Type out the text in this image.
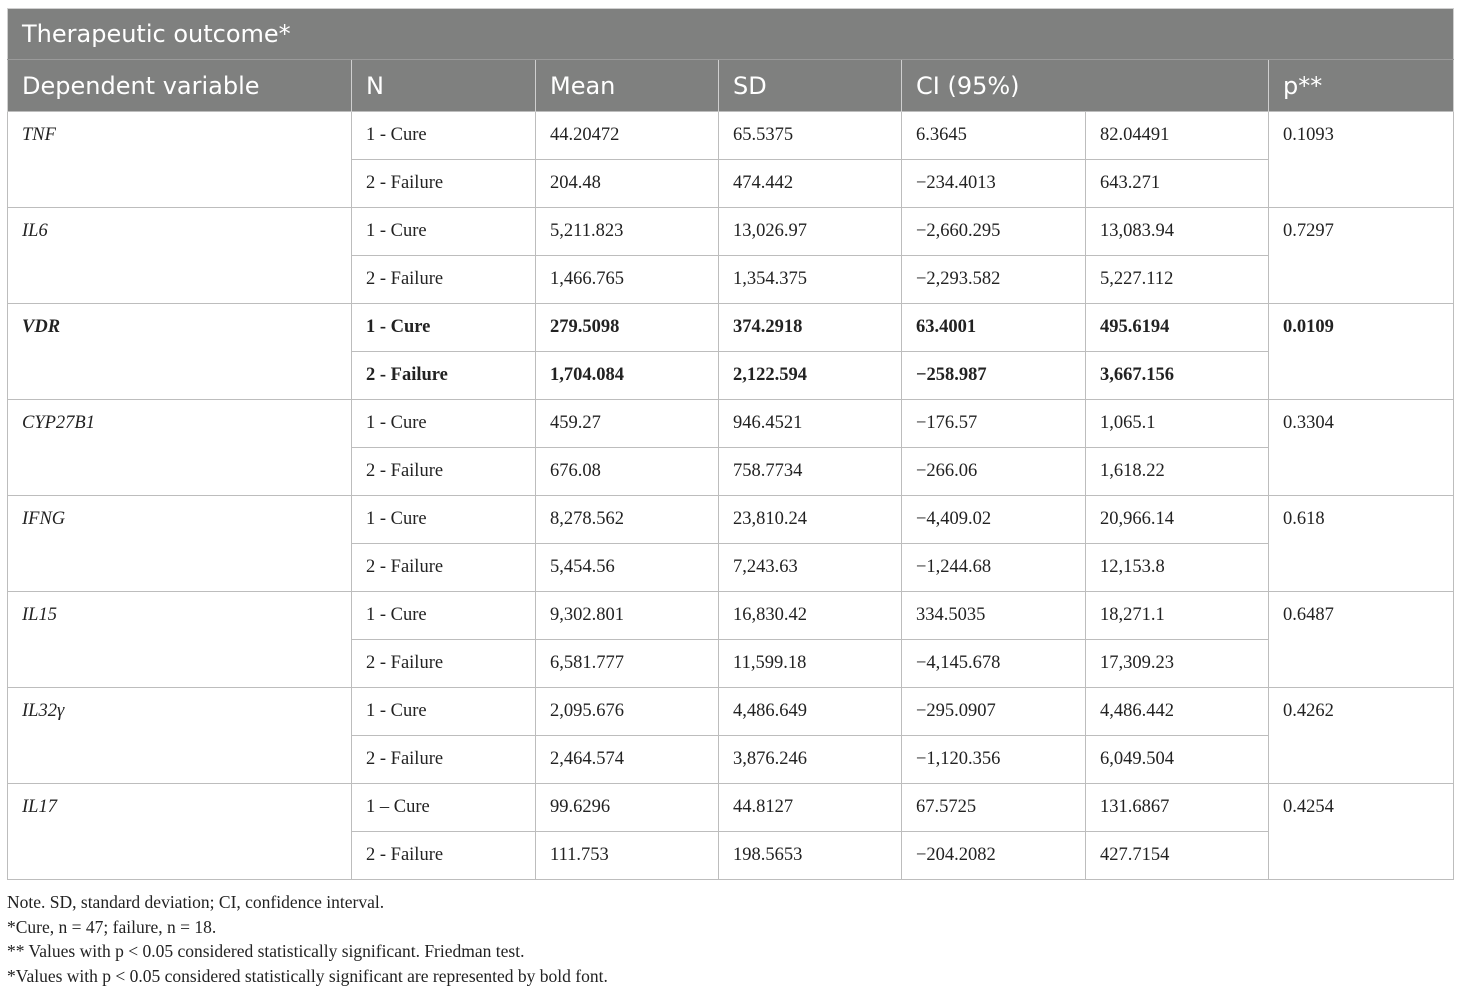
Therapeutic outcome*						
Dependent variable	N	Mean	SD	CI (95%)		p**
TNF	1 - Cure	44.20472	65.5375	6.3645	82.04491	0.1093
	2 - Failure	204.48	474.442	−234.4013	643.271	
IL6	1 - Cure	5,211.823	13,026.97	−2,660.295	13,083.94	0.7297
	2 - Failure	1,466.765	1,354.375	−2,293.582	5,227.112	
VDR	1 - Cure	279.5098	374.2918	63.4001	495.6194	0.0109
	2 - Failure	1,704.084	2,122.594	−258.987	3,667.156	
CYP27B1	1 - Cure	459.27	946.4521	−176.57	1,065.1	0.3304
	2 - Failure	676.08	758.7734	−266.06	1,618.22	
IFNG	1 - Cure	8,278.562	23,810.24	−4,409.02	20,966.14	0.618
	2 - Failure	5,454.56	7,243.63	−1,244.68	12,153.8	
IL15	1 - Cure	9,302.801	16,830.42	334.5035	18,271.1	0.6487
	2 - Failure	6,581.777	11,599.18	−4,145.678	17,309.23	
IL32γ	1 - Cure	2,095.676	4,486.649	−295.0907	4,486.442	0.4262
	2 - Failure	2,464.574	3,876.246	−1,120.356	6,049.504	
IL17	1 – Cure	99.6296	44.8127	67.5725	131.6867	0.4254
	2 - Failure	111.753	198.5653	−204.2082	427.7154	
Note. SD, standard deviation; CI, confidence interval.
*Cure, n = 47; failure, n = 18.
** Values with p < 0.05 considered statistically significant. Friedman test.
*Values with p < 0.05 considered statistically significant are represented by bold font.
